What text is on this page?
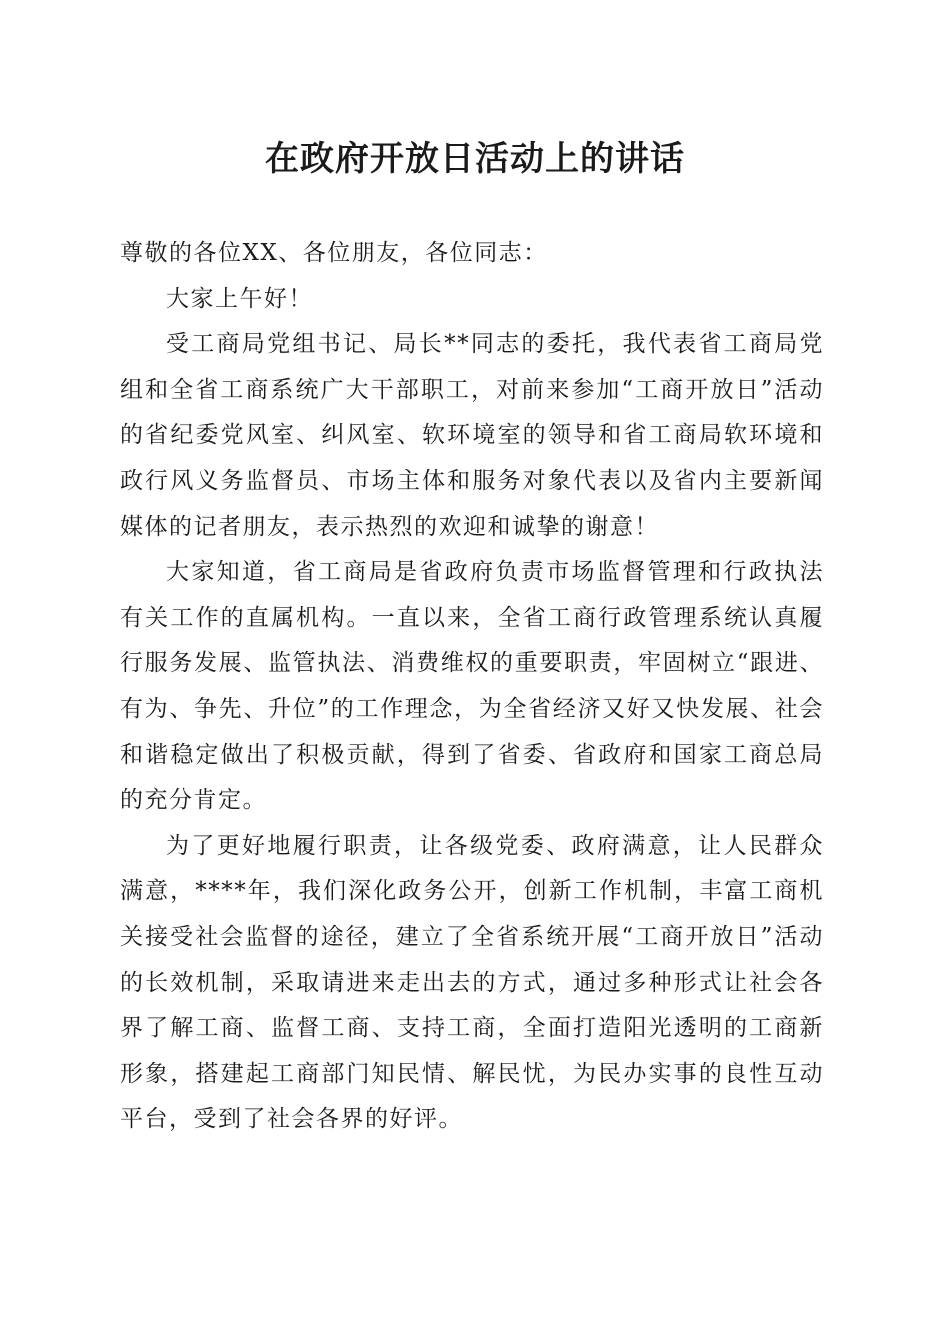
在政府开放日活动上的讲话

尊敬的各位XX、各位朋友，各位同志：

大家上午好！

受工商局党组书记、局长**同志的委托，我代表省工商局党组和全省工商系统广大干部职工，对前来参加“工商开放日”活动的省纪委党风室、纠风室、软环境室的领导和省工商局软环境和政行风义务监督员、市场主体和服务对象代表以及省内主要新闻媒体的记者朋友，表示热烈的欢迎和诚挚的谢意！

大家知道，省工商局是省政府负责市场监督管理和行政执法有关工作的直属机构。一直以来，全省工商行政管理系统认真履行服务发展、监管执法、消费维权的重要职责，牢固树立“跟进、有为、争先、升位”的工作理念，为全省经济又好又快发展、社会和谐稳定做出了积极贡献，得到了省委、省政府和国家工商总局的充分肯定。

为了更好地履行职责，让各级党委、政府满意，让人民群众满意，****年，我们深化政务公开，创新工作机制，丰富工商机关接受社会监督的途径，建立了全省系统开展“工商开放日”活动的长效机制，采取请进来走出去的方式，通过多种形式让社会各界了解工商、监督工商、支持工商，全面打造阳光透明的工商新形象，搭建起工商部门知民情、解民忧，为民办实事的良性互动平台，受到了社会各界的好评。
